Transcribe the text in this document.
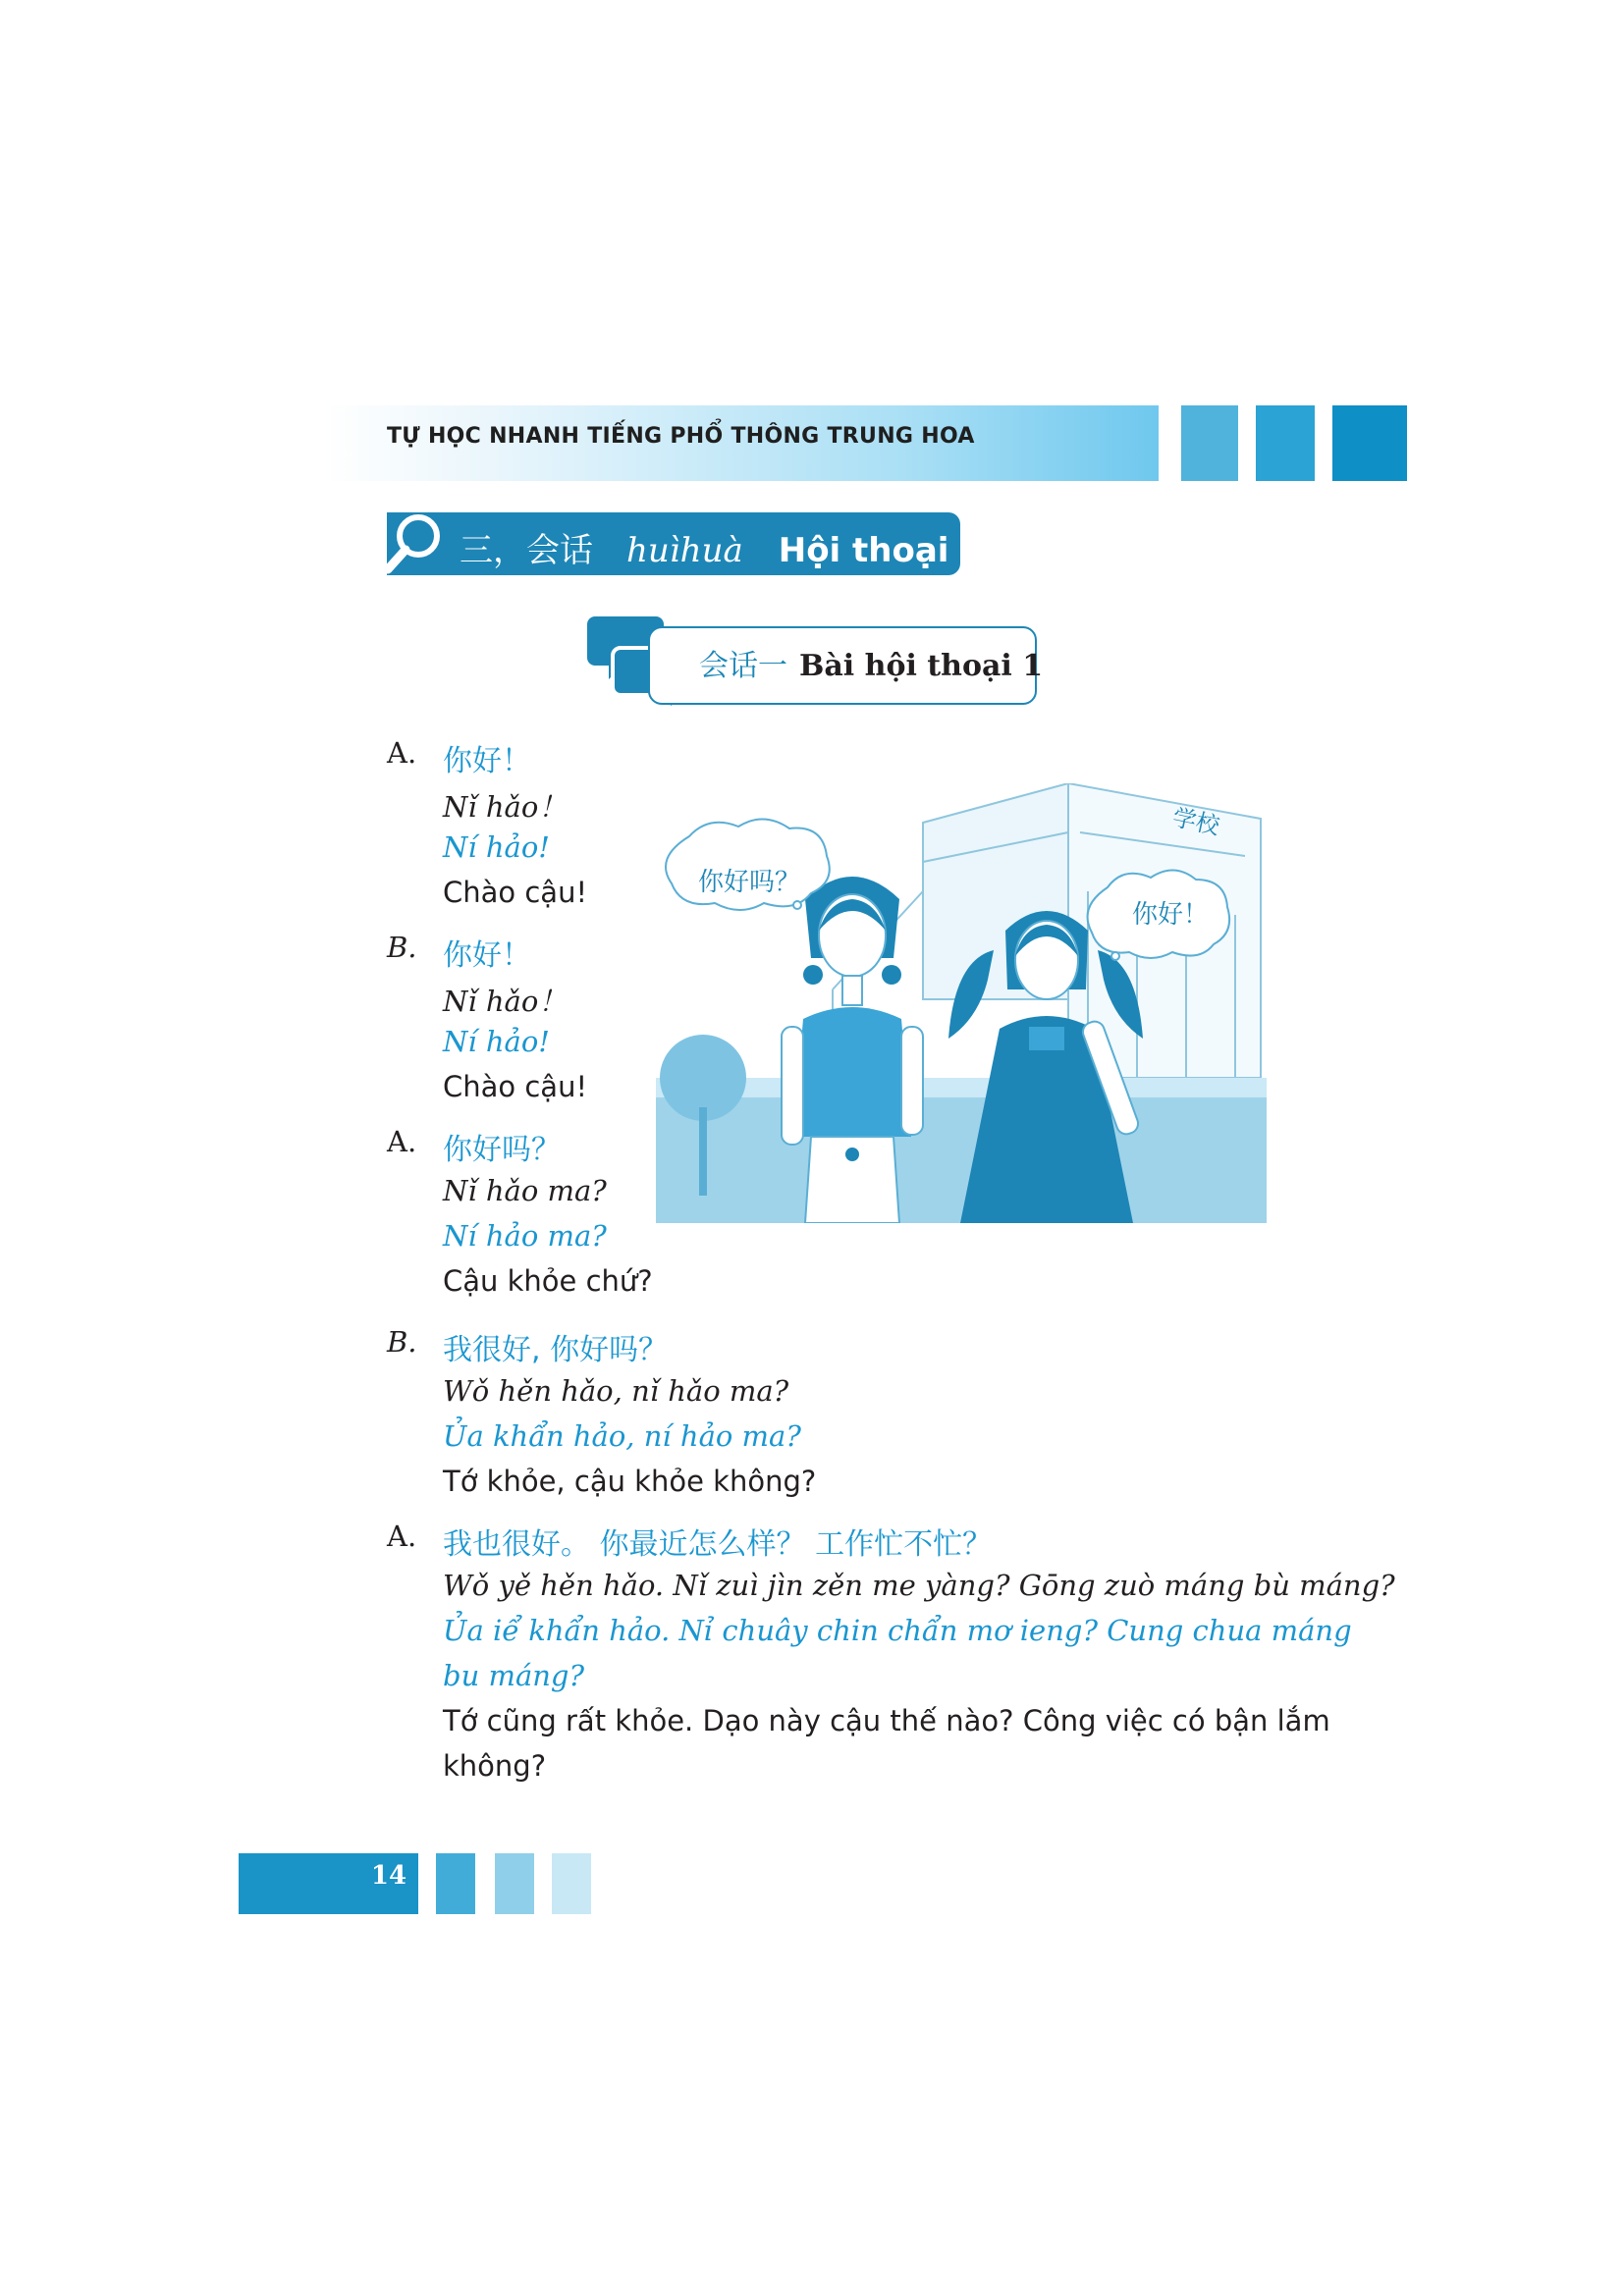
TỰ HỌC NHANH TIẾNG PHỔ THÔNG TRUNG HOA
三，会话 huìhuà Hội thoại
会话一 Bài hội thoại 1
学校
你好吗？
你好！
A. 你好！
Nǐ hǎo！
Ní hảo!
Chào cậu!
B. 你好！
Nǐ hǎo！
Ní hảo!
Chào cậu!
A. 你好吗？
Nǐ hǎo ma?
Ní hảo ma?
Cậu khỏe chứ?
B. 我很好, 你好吗？
Wǒ hěn hǎo, nǐ hǎo ma?
Ủa khẩn hảo, ní hảo ma?
Tớ khỏe, cậu khỏe không?
A. 我也很好。 你最近怎么样？ 工作忙不忙？
Wǒ yě hěn hǎo. Nǐ zuì jìn zěn me yàng? Gōng zuò máng bù máng?
Ủa iể khẩn hảo. Nỉ chuây chin chẩn mơ ieng? Cung chua máng
bu máng?
Tớ cũng rất khỏe. Dạo này cậu thế nào? Công việc có bận lắm
không?
14
